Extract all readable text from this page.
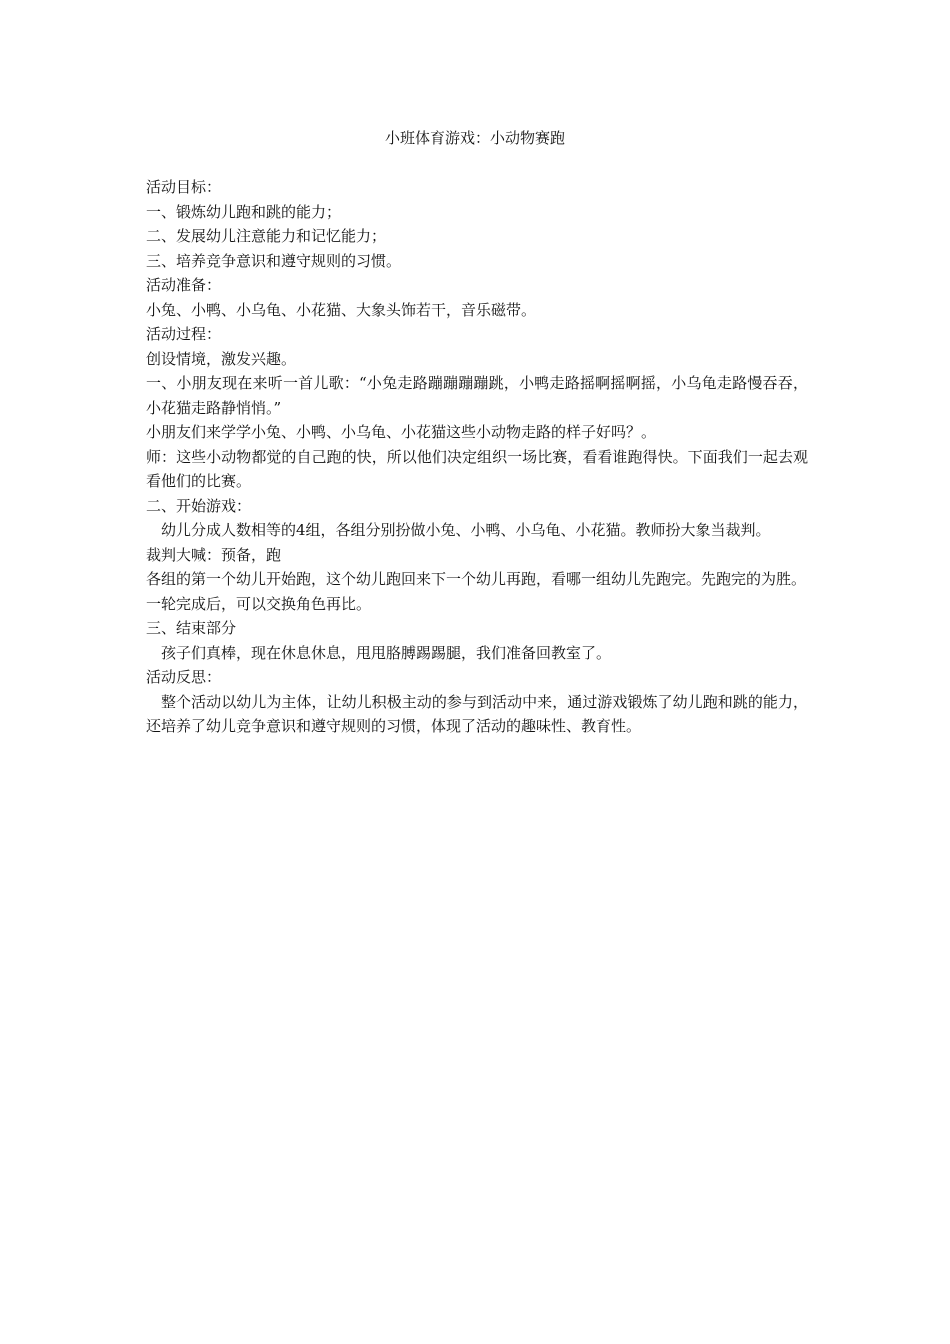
小班体育游戏：小动物赛跑

活动目标：

一、锻炼幼儿跑和跳的能力；

二、发展幼儿注意能力和记忆能力；

三、培养竞争意识和遵守规则的习惯。

活动准备：

小兔、小鸭、小乌龟、小花猫、大象头饰若干，音乐磁带。

活动过程：

创设情境，激发兴趣。

一、小朋友现在来听一首儿歌：“小兔走路蹦蹦蹦蹦跳，小鸭走路摇啊摇啊摇，小乌龟走路慢吞吞，小花猫走路静悄悄。”

小朋友们来学学小兔、小鸭、小乌龟、小花猫这些小动物走路的样子好吗？。

师：这些小动物都觉的自己跑的快，所以他们决定组织一场比赛，看看谁跑得快。下面我们一起去观看他们的比赛。

二、开始游戏：

幼儿分成人数相等的4组，各组分别扮做小兔、小鸭、小乌龟、小花猫。教师扮大象当裁判。

裁判大喊：预备，跑

各组的第一个幼儿开始跑，这个幼儿跑回来下一个幼儿再跑，看哪一组幼儿先跑完。先跑完的为胜。

一轮完成后，可以交换角色再比。

三、结束部分

孩子们真棒，现在休息休息，甩甩胳膊踢踢腿，我们准备回教室了。

活动反思：

整个活动以幼儿为主体，让幼儿积极主动的参与到活动中来，通过游戏锻炼了幼儿跑和跳的能力，还培养了幼儿竞争意识和遵守规则的习惯，体现了活动的趣味性、教育性。
